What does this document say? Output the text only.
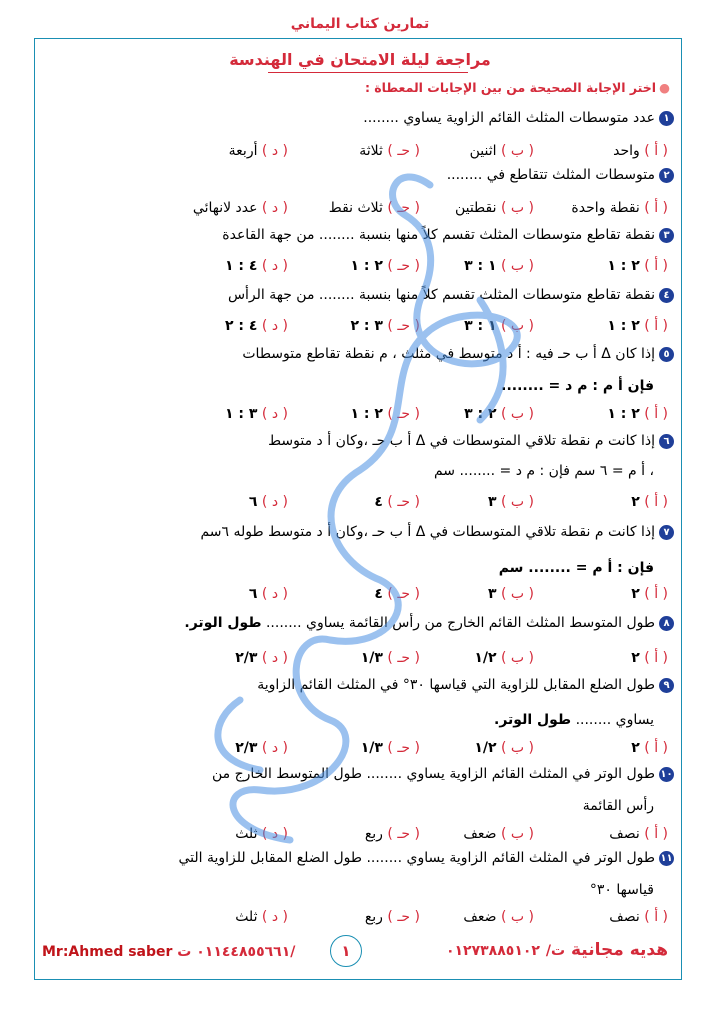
تمارين كتاب اليماني
مراجعة ليلة الامتحان في الهندسة
●اختر الإجابة الصحيحة من بين الإجابات المعطاة :
١عدد متوسطات المثلث القائم الزاوية يساوي ........
( أ ) واحد
( ب ) اثنين
( حـ ) ثلاثة
( د ) أربعة
٢متوسطات المثلث تتقاطع في ........
( أ ) نقطة واحدة
( ب ) نقطتين
( حـ ) ثلاث نقط
( د ) عدد لانهائي
٣نقطة تقاطع متوسطات المثلث تقسم كلاً منها بنسبة ........ من جهة القاعدة
( أ ) ٢ : ١
( ب ) ١ : ٣
( حـ ) ٢ : ١
( د ) ٤ : ١
٤نقطة تقاطع متوسطات المثلث تقسم كلاً منها بنسبة ........ من جهة الرأس
( أ ) ٢ : ١
( ب ) ١ : ٣
( حـ ) ٣ : ٢
( د ) ٤ : ٢
٥إذا كان Δ أ ب حـ فيه : أ د متوسط في مثلث ، م نقطة تقاطع متوسطات
فإن أ م : م د = ........
( أ ) ٢ : ١
( ب ) ٢ : ٣
( حـ ) ٢ : ١
( د ) ٣ : ١
٦إذا كانت م نقطة تلاقي المتوسطات في Δ أ ب حـ ،وكان أ د متوسط
، أ م = ٦ سم فإن : م د = ........ سم
( أ ) ٢
( ب ) ٣
( حـ ) ٤
( د ) ٦
٧إذا كانت م نقطة تلاقي المتوسطات في Δ أ ب حـ ،وكان أ د متوسط طوله ٦سم
فإن : أ م = ........ سم
( أ ) ٢
( ب ) ٣
( حـ ) ٤
( د ) ٦
٨طول المتوسط المثلث القائم الخارج من رأس القائمة يساوي ........ طول الوتر.
( أ ) ٢
( ب ) ١/٢
( حـ ) ١/٣
( د ) ٢/٣
٩طول الضلع المقابل للزاوية التي قياسها ٣٠° في المثلث القائم الزاوية
يساوي ........ طول الوتر.
( أ ) ٢
( ب ) ١/٢
( حـ ) ١/٣
( د ) ٢/٣
١٠طول الوتر في المثلث القائم الزاوية يساوي ........ طول المتوسط الخارج من
رأس القائمة
( أ ) نصف
( ب ) ضعف
( حـ ) ربع
( د ) ثلث
١١طول الوتر في المثلث القائم الزاوية يساوي ........ طول الضلع المقابل للزاوية التي
قياسها ٣٠°
( أ ) نصف
( ب ) ضعف
( حـ ) ربع
( د ) ثلث
Mr:Ahmed saber ٠١١٤٤٨٥٥٦٦١ ت/	١	هديه مجانية ت/ ٠١٢٧٣٨٨٥١٠٢
